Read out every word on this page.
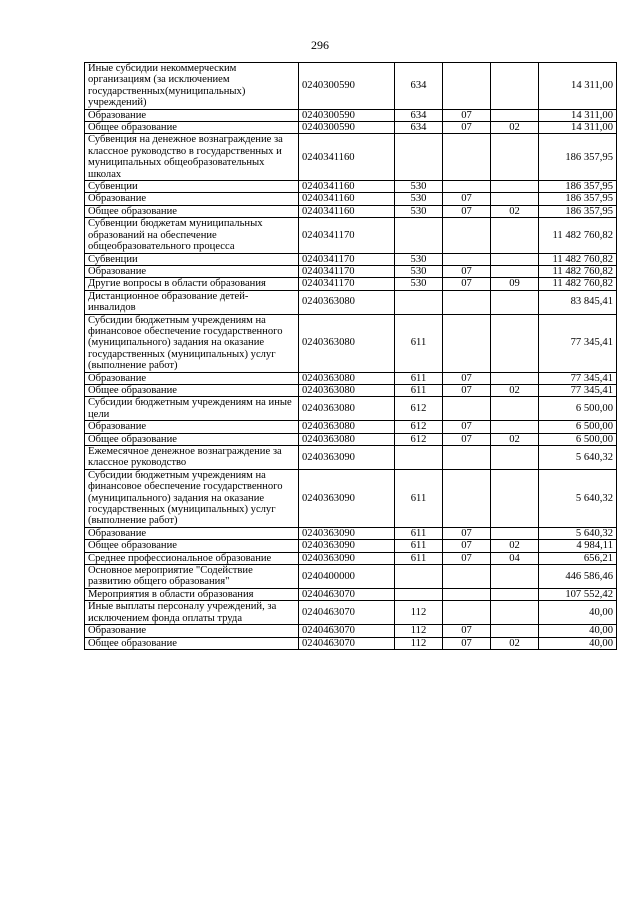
296
Иные субсидии некоммерческим организациям (за исключением государственных(муниципальных) учреждений)	0240300590	634			14 311,00
Образование	0240300590	634	07		14 311,00
Общее образование	0240300590	634	07	02	14 311,00
Субвенция на денежное вознаграждение за классное руководство в государственных и муниципальных общеобразовательных школах	0240341160				186 357,95
Субвенции	0240341160	530			186 357,95
Образование	0240341160	530	07		186 357,95
Общее образование	0240341160	530	07	02	186 357,95
Субвенции бюджетам муниципальных образований на обеспечение общеобразовательного процесса	0240341170				11 482 760,82
Субвенции	0240341170	530			11 482 760,82
Образование	0240341170	530	07		11 482 760,82
Другие вопросы в области образования	0240341170	530	07	09	11 482 760,82
Дистанционное образование детей-инвалидов	0240363080				83 845,41
Субсидии бюджетным учреждениям на финансовое обеспечение государственного (муниципального) задания на оказание государственных (муниципальных) услуг (выполнение работ)	0240363080	611			77 345,41
Образование	0240363080	611	07		77 345,41
Общее образование	0240363080	611	07	02	77 345,41
Субсидии бюджетным учреждениям на иные цели	0240363080	612			6 500,00
Образование	0240363080	612	07		6 500,00
Общее образование	0240363080	612	07	02	6 500,00
Ежемесячное денежное вознаграждение за классное руководство	0240363090				5 640,32
Субсидии бюджетным учреждениям на финансовое обеспечение государственного (муниципального) задания на оказание государственных (муниципальных) услуг (выполнение работ)	0240363090	611			5 640,32
Образование	0240363090	611	07		5 640,32
Общее образование	0240363090	611	07	02	4 984,11
Среднее профессиональное образование	0240363090	611	07	04	656,21
Основное мероприятие "Содействие развитию общего образования"	0240400000				446 586,46
Мероприятия в области образования	0240463070				107 552,42
Иные выплаты персоналу учреждений, за исключением фонда оплаты труда	0240463070	112			40,00
Образование	0240463070	112	07		40,00
Общее образование	0240463070	112	07	02	40,00
